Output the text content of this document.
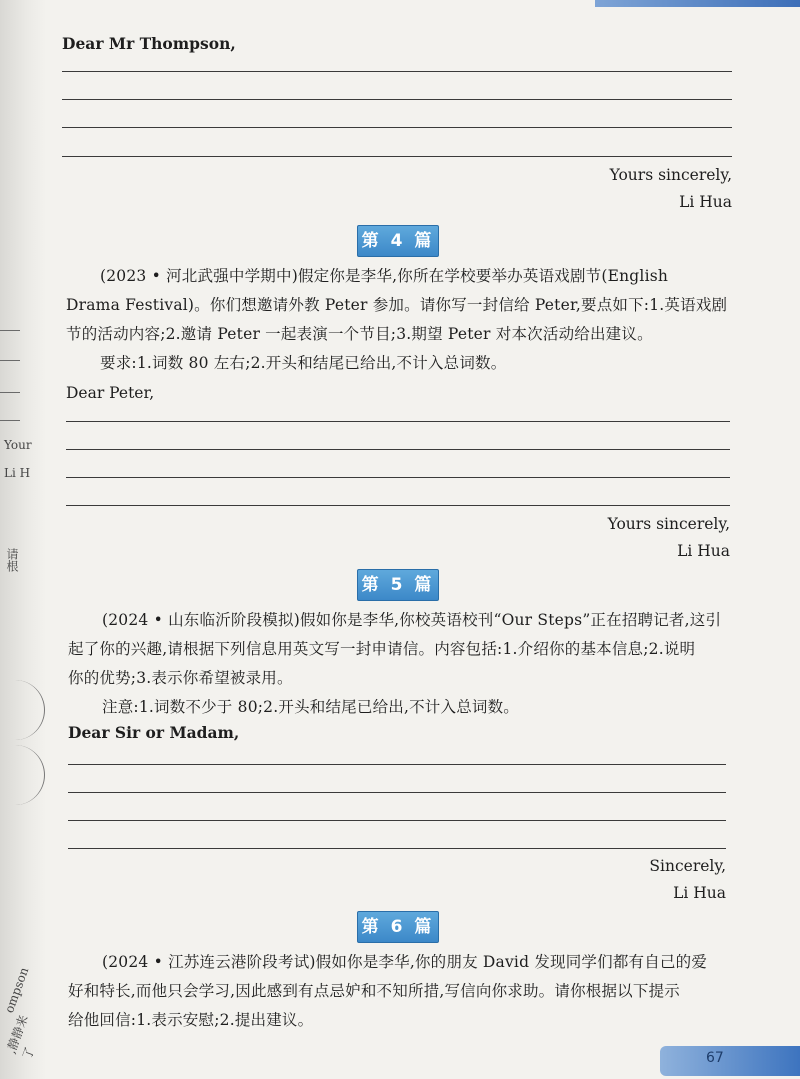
Your
Li H
请根
ompson
,静静来了
Dear Mr Thompson,
Yours sincerely,
Li Hua
第 4 篇
(2023 • 河北武强中学期中)假定你是李华,你所在学校要举办英语戏剧节(English
Drama Festival)。你们想邀请外教 Peter 参加。请你写一封信给 Peter,要点如下:1.英语戏剧
节的活动内容;2.邀请 Peter 一起表演一个节目;3.期望 Peter 对本次活动给出建议。
要求:1.词数 80 左右;2.开头和结尾已给出,不计入总词数。
Dear Peter,
Yours sincerely,
Li Hua
第 5 篇
(2024 • 山东临沂阶段模拟)假如你是李华,你校英语校刊“Our Steps”正在招聘记者,这引
起了你的兴趣,请根据下列信息用英文写一封申请信。内容包括:1.介绍你的基本信息;2.说明
你的优势;3.表示你希望被录用。
注意:1.词数不少于 80;2.开头和结尾已给出,不计入总词数。
Dear Sir or Madam,
Sincerely,
Li Hua
第 6 篇
(2024 • 江苏连云港阶段考试)假如你是李华,你的朋友 David 发现同学们都有自己的爱
好和特长,而他只会学习,因此感到有点忌妒和不知所措,写信向你求助。请你根据以下提示
给他回信:1.表示安慰;2.提出建议。
67
